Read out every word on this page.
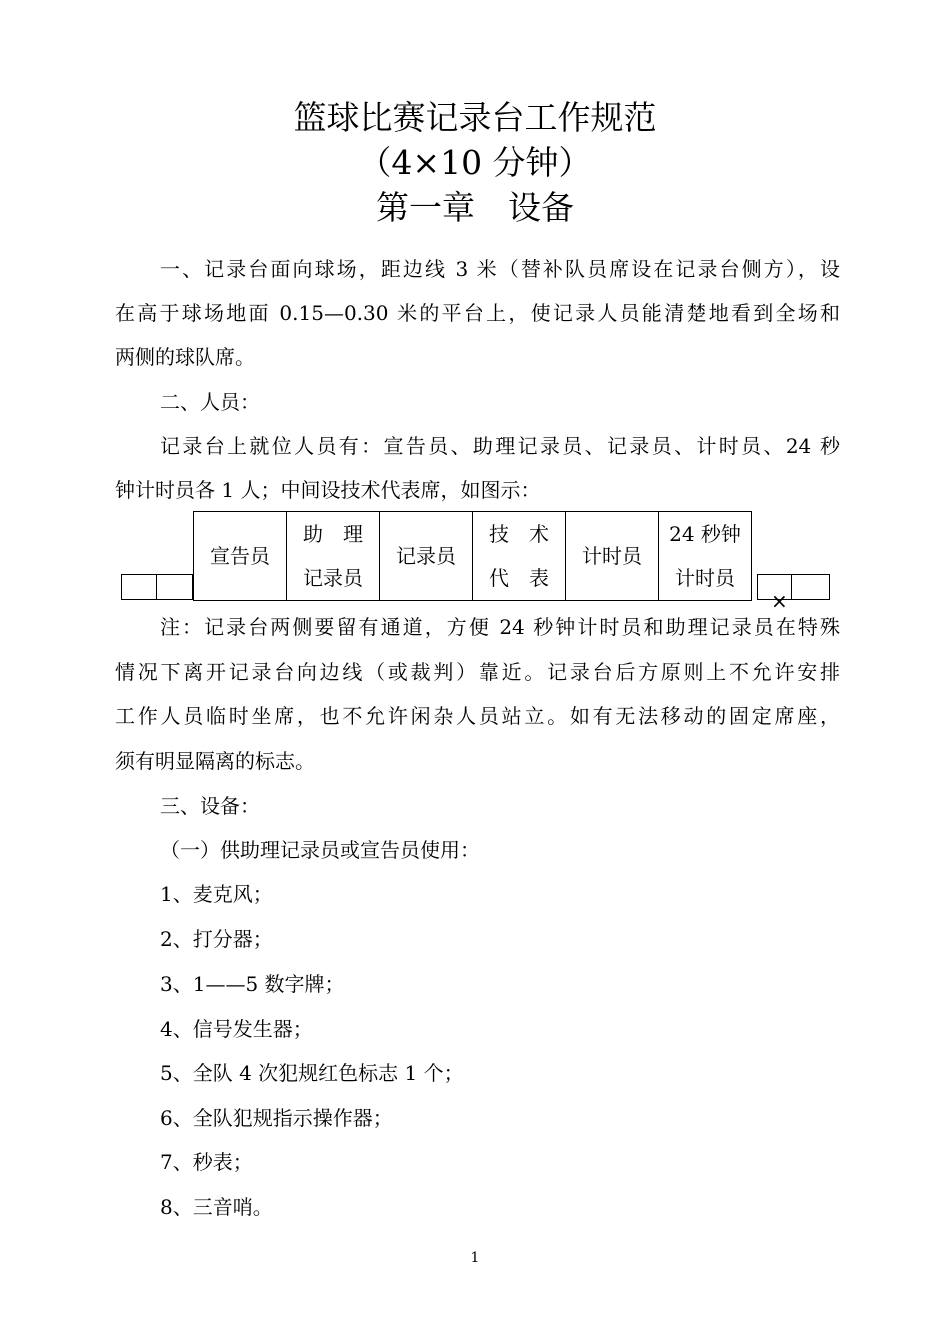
篮球比赛记录台工作规范
（4×10 分钟）
第一章　设备
一、记录台面向球场，距边线 3 米（替补队员席设在记录台侧方），设
在高于球场地面 0.15—0.30 米的平台上，使记录人员能清楚地看到全场和
两侧的球队席。
二、人员：
记录台上就位人员有：宣告员、助理记录员、记录员、计时员、24 秒
钟计时员各 1 人；中间设技术代表席，如图示：
宣告员

助　理
记录员

记录员

技　术
代　表

计时员

24 秒钟
计时员
×
注：记录台两侧要留有通道，方便 24 秒钟计时员和助理记录员在特殊
情况下离开记录台向边线（或裁判）靠近。记录台后方原则上不允许安排
工作人员临时坐席，也不允许闲杂人员站立。如有无法移动的固定席座，
须有明显隔离的标志。
三、设备：
（一）供助理记录员或宣告员使用：
1、麦克风；
2、打分器；
3、1——5 数字牌；
4、信号发生器；
5、全队 4 次犯规红色标志 1 个；
6、全队犯规指示操作器；
7、秒表；
8、三音哨。
1
